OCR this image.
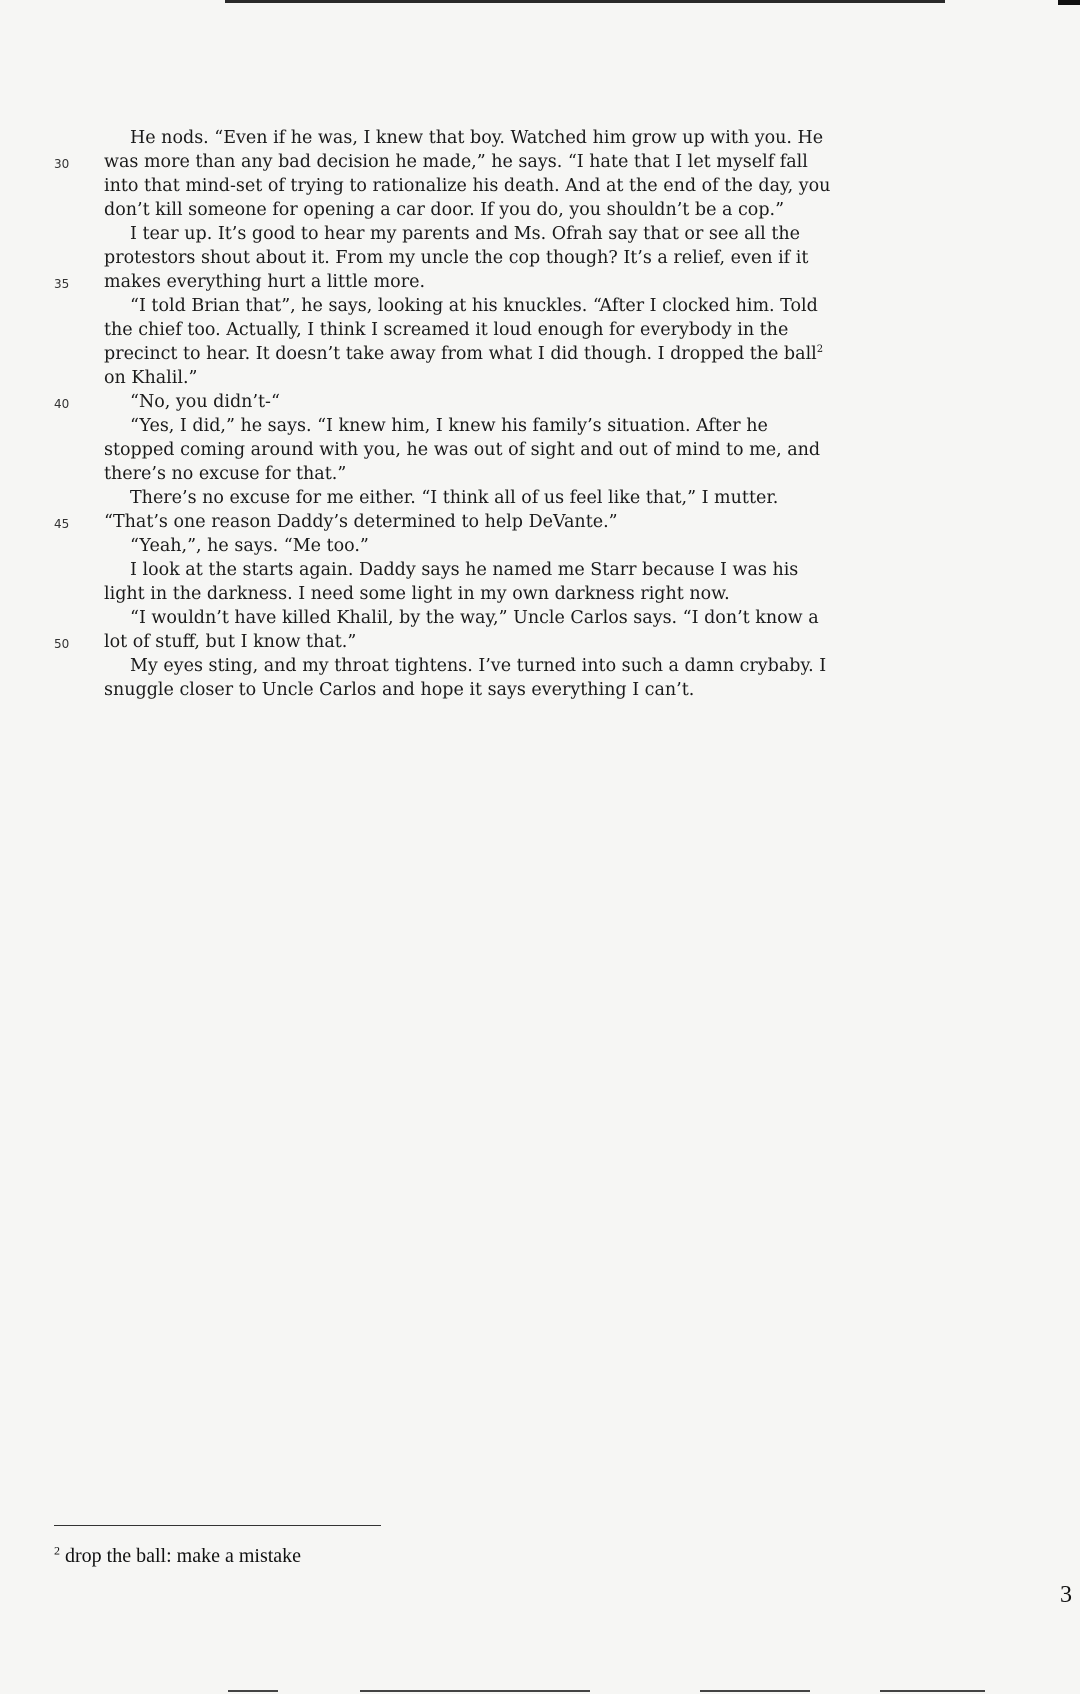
He nods. “Even if he was, I knew that boy. Watched him grow up with you. He
30 was more than any bad decision he made,” he says. “I hate that I let myself fall
into that mind-set of trying to rationalize his death. And at the end of the day, you
don’t kill someone for opening a car door. If you do, you shouldn’t be a cop.”
I tear up. It’s good to hear my parents and Ms. Ofrah say that or see all the
protestors shout about it. From my uncle the cop though? It’s a relief, even if it
35 makes everything hurt a little more.
“I told Brian that”, he says, looking at his knuckles. “After I clocked him. Told
the chief too. Actually, I think I screamed it loud enough for everybody in the
precinct to hear. It doesn’t take away from what I did though. I dropped the ball$^2$
on Khalil.”
40	“No, you didn’t-“
“Yes, I did,” he says. “I knew him, I knew his family’s situation. After he
stopped coming around with you, he was out of sight and out of mind to me, and
there’s no excuse for that.”
There’s no excuse for me either. “I think all of us feel like that,” I mutter.
45 “That’s one reason Daddy’s determined to help DeVante.”
“Yeah,”, he says. “Me too.”
I look at the starts again. Daddy says he named me Starr because I was his
light in the darkness. I need some light in my own darkness right now.
“I wouldn’t have killed Khalil, by the way,” Uncle Carlos says. “I don’t know a
50 lot of stuff, but I know that.”
My eyes sting, and my throat tightens. I’ve turned into such a damn crybaby. I
snuggle closer to Uncle Carlos and hope it says everything I can’t.
$^2$ drop the ball: make a mistake
3
